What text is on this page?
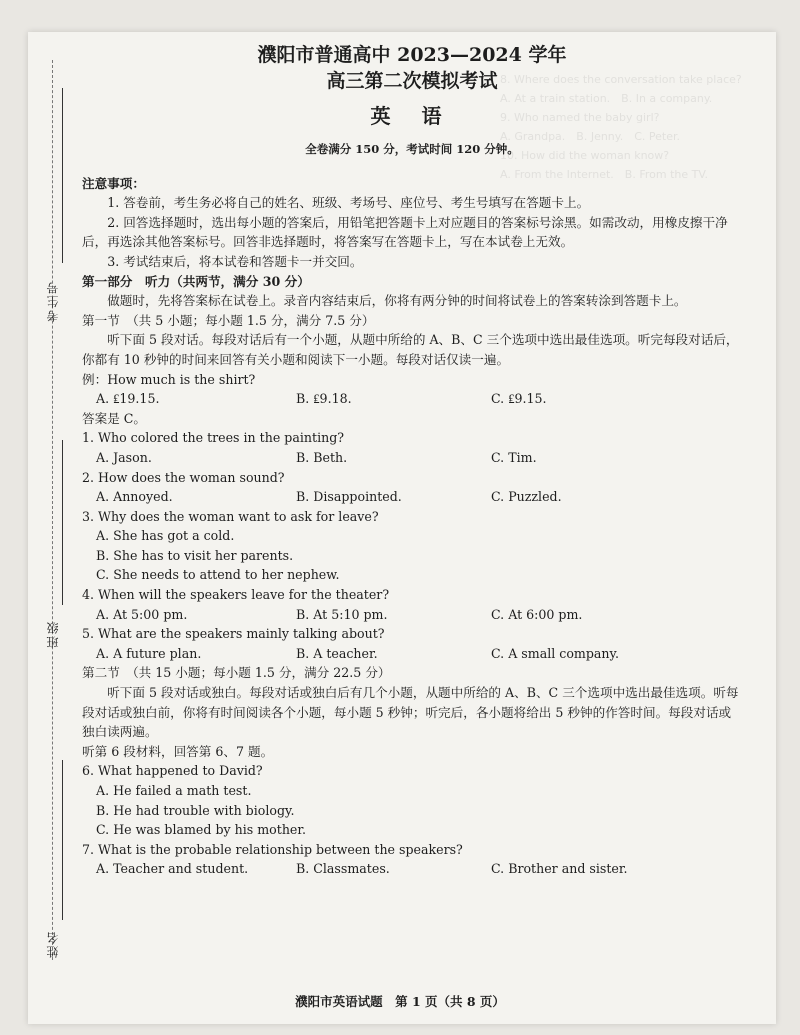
考生号
班级
姓名
濮阳市普通高中 2023—2024 学年
高三第二次模拟考试
英 语
全卷满分 150 分，考试时间 120 分钟。

注意事项：

1. 答卷前，考生务必将自己的姓名、班级、考场号、座位号、考生号填写在答题卡上。

2. 回答选择题时，选出每小题的答案后，用铅笔把答题卡上对应题目的答案标号涂黑。如需改动，用橡皮擦干净后，再选涂其他答案标号。回答非选择题时，将答案写在答题卡上，写在本试卷上无效。

3. 考试结束后，将本试卷和答题卡一并交回。

第一部分　听力（共两节，满分 30 分）

做题时，先将答案标在试卷上。录音内容结束后，你将有两分钟的时间将试卷上的答案转涂到答题卡上。

第一节　（共 5 小题；每小题 1.5 分，满分 7.5 分）

听下面 5 段对话。每段对话后有一个小题，从题中所给的 A、B、C 三个选项中选出最佳选项。听完每段对话后，你都有 10 秒钟的时间来回答有关小题和阅读下一小题。每段对话仅读一遍。

例：How much is the shirt?

A. ₤19.15.	B. ₤9.18.	C. ₤9.15.

答案是 C。

1. Who colored the trees in the painting?

A. Jason.	B. Beth.	C. Tim.

2. How does the woman sound?

A. Annoyed.	B. Disappointed.	C. Puzzled.

3. Why does the woman want to ask for leave?

A. She has got a cold.

B. She has to visit her parents.

C. She needs to attend to her nephew.

4. When will the speakers leave for the theater?

A. At 5:00 pm.	B. At 5:10 pm.	C. At 6:00 pm.

5. What are the speakers mainly talking about?

A. A future plan.	B. A teacher.	C. A small company.

第二节　（共 15 小题；每小题 1.5 分，满分 22.5 分）

听下面 5 段对话或独白。每段对话或独白后有几个小题，从题中所给的 A、B、C 三个选项中选出最佳选项。听每段对话或独白前，你将有时间阅读各个小题，每小题 5 秒钟；听完后，各小题将给出 5 秒钟的作答时间。每段对话或独白读两遍。

听第 6 段材料，回答第 6、7 题。

6. What happened to David?

A. He failed a math test.

B. He had trouble with biology.

C. He was blamed by his mother.

7. What is the probable relationship between the speakers?

A. Teacher and student.	B. Classmates.	C. Brother and sister.
濮阳市英语试题　第 1 页（共 8 页）
